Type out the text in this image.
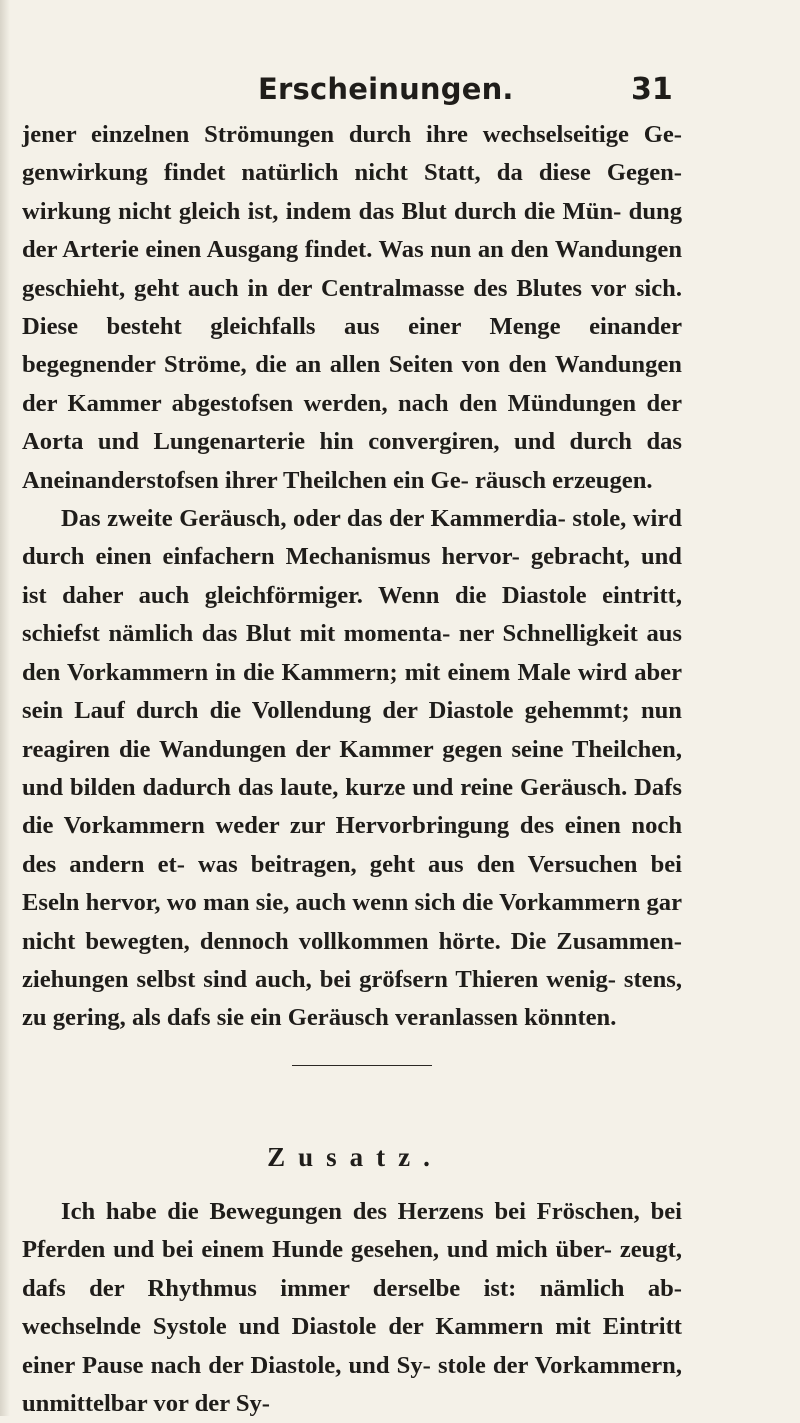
Erscheinungen.	31

jener einzelnen Strömungen durch ihre wechselseitige Ge- genwirkung findet natürlich nicht Statt, da diese Gegen- wirkung nicht gleich ist, indem das Blut durch die Mün- dung der Arterie einen Ausgang findet. Was nun an den Wandungen geschieht, geht auch in der Centralmasse des Blutes vor sich. Diese besteht gleichfalls aus einer Menge einander begegnender Ströme, die an allen Seiten von den Wandungen der Kammer abgestofsen werden, nach den Mündungen der Aorta und Lungenarterie hin convergiren, und durch das Aneinanderstofsen ihrer Theilchen ein Ge- räusch erzeugen.

Das zweite Geräusch, oder das der Kammerdia- stole, wird durch einen einfachern Mechanismus hervor- gebracht, und ist daher auch gleichförmiger. Wenn die Diastole eintritt, schiefst nämlich das Blut mit momenta- ner Schnelligkeit aus den Vorkammern in die Kammern; mit einem Male wird aber sein Lauf durch die Vollendung der Diastole gehemmt; nun reagiren die Wandungen der Kammer gegen seine Theilchen, und bilden dadurch das laute, kurze und reine Geräusch. Dafs die Vorkammern weder zur Hervorbringung des einen noch des andern et- was beitragen, geht aus den Versuchen bei Eseln hervor, wo man sie, auch wenn sich die Vorkammern gar nicht bewegten, dennoch vollkommen hörte. Die Zusammen- ziehungen selbst sind auch, bei gröfsern Thieren wenig- stens, zu gering, als dafs sie ein Geräusch veranlassen könnten.

Zusatz.

Ich habe die Bewegungen des Herzens bei Fröschen, bei Pferden und bei einem Hunde gesehen, und mich über- zeugt, dafs der Rhythmus immer derselbe ist: nämlich ab- wechselnde Systole und Diastole der Kammern mit Eintritt einer Pause nach der Diastole, und Sy- stole der Vorkammern, unmittelbar vor der Sy-
